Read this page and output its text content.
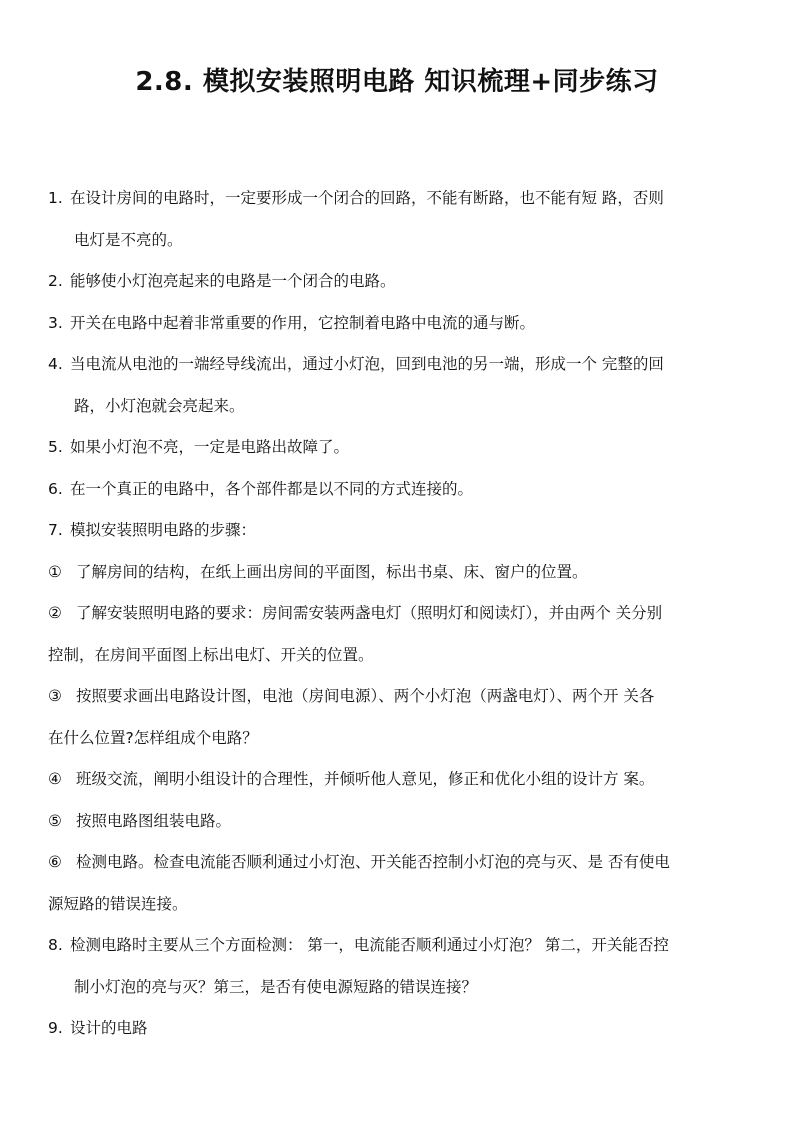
2.8. 模拟安装照明电路 知识梳理+同步练习
1. 在设计房间的电路时，一定要形成一个闭合的回路，不能有断路，也不能有短 路，否则
电灯是不亮的。
2. 能够使小灯泡亮起来的电路是一个闭合的电路。
3. 开关在电路中起着非常重要的作用，它控制着电路中电流的通与断。
4. 当电流从电池的一端经导线流出，通过小灯泡，回到电池的另一端，形成一个 完整的回
路，小灯泡就会亮起来。
5. 如果小灯泡不亮，一定是电路出故障了。
6. 在一个真正的电路中，各个部件都是以不同的方式连接的。
7. 模拟安装照明电路的步骤：
① 了解房间的结构，在纸上画出房间的平面图，标出书桌、床、窗户的位置。
② 了解安装照明电路的要求：房间需安装两盏电灯（照明灯和阅读灯），并由两个 关分别
控制，在房间平面图上标出电灯、开关的位置。
③ 按照要求画出电路设计图，电池（房间电源）、两个小灯泡（两盏电灯）、两个开 关各
在什么位置?怎样组成个电路？
④ 班级交流，阐明小组设计的合理性，并倾听他人意见，修正和优化小组的设计方 案。
⑤ 按照电路图组装电路。
⑥ 检测电路。检查电流能否顺利通过小灯泡、开关能否控制小灯泡的亮与灭、是 否有使电
源短路的错误连接。
8. 检测电路时主要从三个方面检测： 第一，电流能否顺利通过小灯泡？ 第二，开关能否控
制小灯泡的亮与灭？第三，是否有使电源短路的错误连接？
9. 设计的电路
